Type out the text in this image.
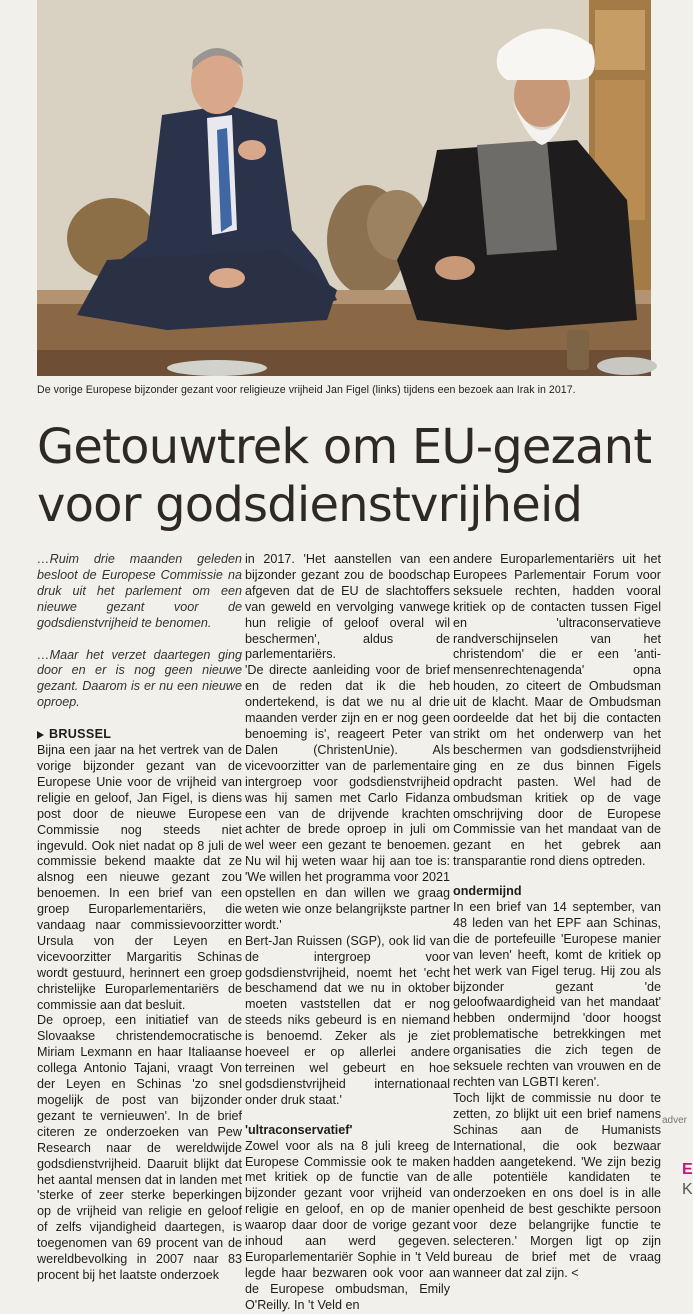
De vorige Europese bijzonder gezant voor religieuze vrijheid Jan Figel (links) tijdens een bezoek aan Irak in 2017.
Getouwtrek om EU-gezant
voor godsdienstvrijheid

…Ruim drie maanden geleden besloot de Europese Commissie na druk uit het parlement om een nieuwe gezant voor de godsdienstvrijheid te benomen.

…Maar het verzet daartegen ging door en er is nog geen nieuwe gezant. Daarom is er nu een nieuwe oproep.

BRUSSEL

Bijna een jaar na het vertrek van de vorige bijzonder gezant van de Europese Unie voor de vrijheid van religie en geloof, Jan Figel, is diens post door de nieuwe Europese Commissie nog steeds niet ingevuld. Ook niet nadat op 8 juli de commissie bekend maakte dat ze alsnog een nieuwe gezant zou benoemen. In een brief van een groep Europarlementariërs, die vandaag naar commissievoorzitter Ursula von der Leyen en vicevoorzitter Margaritis Schinas wordt gestuurd, herinnert een groep christelijke Europarlementariërs de commissie aan dat besluit.

De oproep, een initiatief van de Slovaakse christendemocratische Miriam Lexmann en haar Italiaanse collega Antonio Tajani, vraagt Von der Leyen en Schinas 'zo snel mogelijk de post van bijzonder gezant te vernieuwen'. In de brief citeren ze onderzoeken van Pew Research naar de wereldwijde godsdienstvrijheid. Daaruit blijkt dat het aantal mensen dat in landen met 'sterke of zeer sterke beperkingen op de vrijheid van religie en geloof of zelfs vijandigheid daartegen, is toegenomen van 69 procent van de wereldbevolking in 2007 naar 83 procent bij het laatste onderzoek

in 2017. 'Het aanstellen van een bijzonder gezant zou de boodschap afgeven dat de EU de slachtoffers van geweld en vervolging vanwege hun religie of geloof overal wil beschermen', aldus de parlementariërs.

'De directe aanleiding voor de brief en de reden dat ik die heb ondertekend, is dat we nu al drie maanden verder zijn en er nog geen benoeming is', reageert Peter van Dalen (ChristenUnie). Als vicevoorzitter van de parlementaire intergroep voor godsdienstvrijheid was hij samen met Carlo Fidanza een van de drijvende krachten achter de brede oproep in juli om wel weer een gezant te benoemen. Nu wil hij weten waar hij aan toe is: 'We willen het programma voor 2021 opstellen en dan willen we graag weten wie onze belangrijkste partner wordt.'

Bert-Jan Ruissen (SGP), ook lid van de intergroep voor godsdienstvrijheid, noemt het 'echt beschamend dat we nu in oktober moeten vaststellen dat er nog steeds niks gebeurd is en niemand is benoemd. Zeker als je ziet hoeveel er op allerlei andere terreinen wel gebeurt en hoe godsdienstvrijheid internationaal onder druk staat.'

'ultraconservatief'

Zowel voor als na 8 juli kreeg de Europese Commissie ook te maken met kritiek op de functie van de bijzonder gezant voor vrijheid van religie en geloof, en op de manier waarop daar door de vorige gezant inhoud aan werd gegeven. Europarlementariër Sophie in 't Veld legde haar bezwaren ook voor aan de Europese ombudsman, Emily O'Reilly. In 't Veld en

andere Europarlementariërs uit het Europees Parlementair Forum voor seksuele rechten, hadden vooral kritiek op de contacten tussen Figel en 'ultraconservatieve randverschijnselen van het christendom' die er een 'anti-mensenrechtenagenda' opna houden, zo citeert de Ombudsman uit de klacht. Maar de Ombudsman oordeelde dat het bij die contacten strikt om het onderwerp van het beschermen van godsdienstvrijheid ging en ze dus binnen Figels opdracht pasten. Wel had de ombudsman kritiek op de vage omschrijving door de Europese Commissie van het mandaat van de gezant en het gebrek aan transparantie rond diens optreden.

ondermijnd

In een brief van 14 september, van 48 leden van het EPF aan Schinas, die de portefeuille 'Europese manier van leven' heeft, komt de kritiek op het werk van Figel terug. Hij zou als bijzonder gezant 'de geloofwaardigheid van het mandaat' hebben ondermijnd 'door hoogst problematische betrekkingen met organisaties die zich tegen de seksuele rechten van vrouwen en de rechten van LGBTI keren'.

Toch lijkt de commissie nu door te zetten, zo blijkt uit een brief namens Schinas aan de Humanists International, die ook bezwaar hadden aangetekend. 'We zijn bezig alle potentiële kandidaten te onderzoeken en ons doel is in alle openheid de best geschikte persoon voor deze belangrijke functie te selecteren.' Morgen ligt op zijn bureau de brief met de vraag wanneer dat zal zijn. <

adver
E
K
